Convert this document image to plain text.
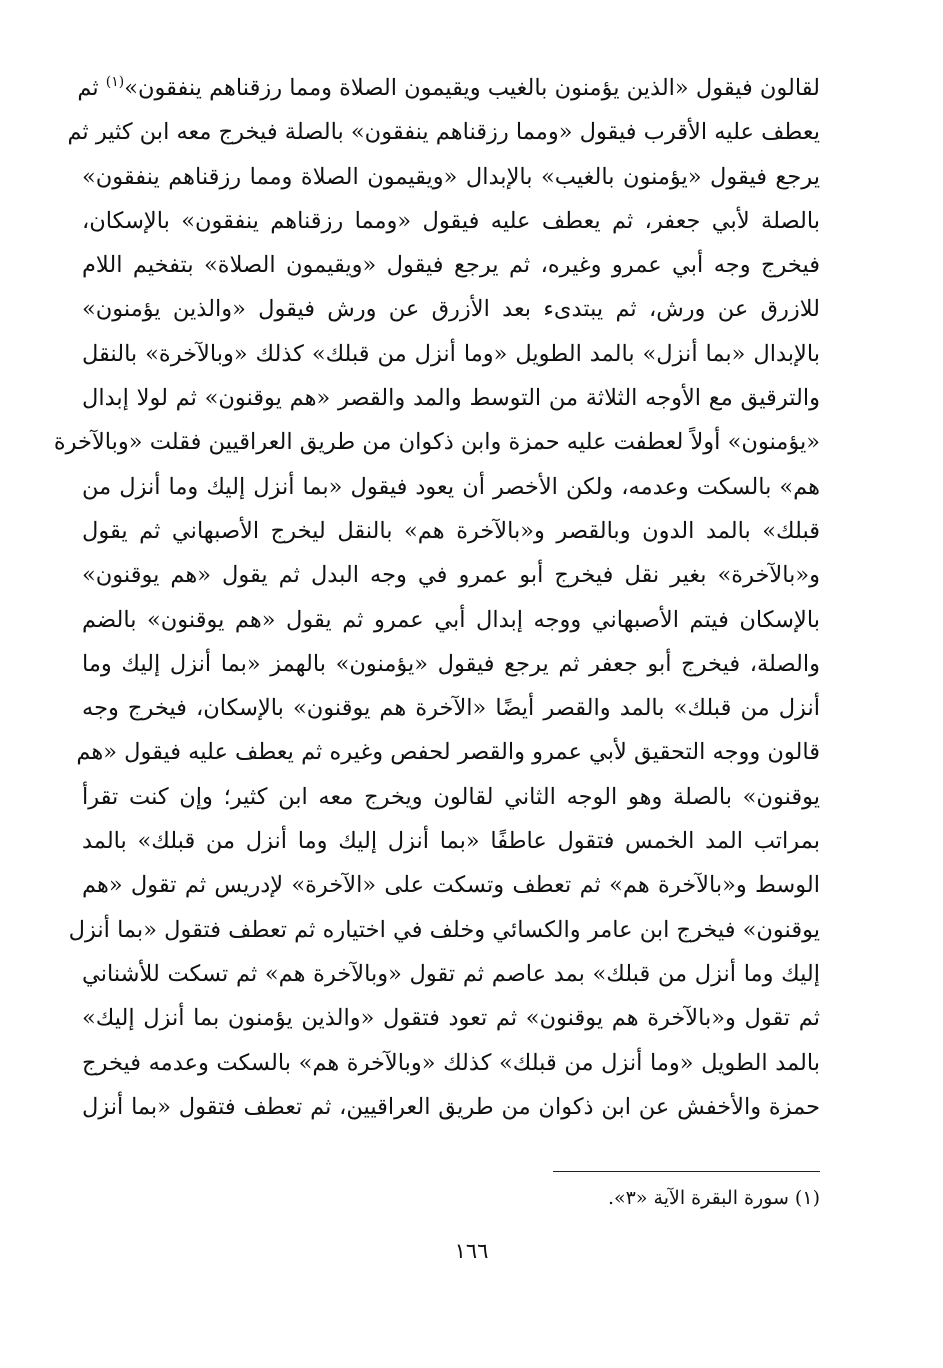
لقالون فيقول «الذين يؤمنون بالغيب ويقيمون الصلاة ومما رزقناهم ينفقون»$^{(١)}$ ثم
يعطف عليه الأقرب فيقول «ومما رزقناهم ينفقون» بالصلة فيخرج معه ابن كثير ثم
يرجع فيقول «يؤمنون بالغيب» بالإبدال «ويقيمون الصلاة ومما رزقناهم ينفقون»
بالصلة لأبي جعفر، ثم يعطف عليه فيقول «ومما رزقناهم ينفقون» بالإسكان،
فيخرج وجه أبي عمرو وغيره، ثم يرجع فيقول «ويقيمون الصلاة» بتفخيم اللام
للازرق عن ورش، ثم يبتدىء بعد الأزرق عن ورش فيقول «والذين يؤمنون»
بالإبدال «بما أنزل» بالمد الطويل «وما أنزل من قبلك» كذلك «وبالآخرة» بالنقل
والترقيق مع الأوجه الثلاثة من التوسط والمد والقصر «هم يوقنون» ثم لولا إبدال
«يؤمنون» أولاً لعطفت عليه حمزة وابن ذكوان من طريق العراقيين فقلت «وبالآخرة
هم» بالسكت وعدمه، ولكن الأخصر أن يعود فيقول «بما أنزل إليك وما أنزل من
قبلك» بالمد الدون وبالقصر و«بالآخرة هم» بالنقل ليخرج الأصبهاني ثم يقول
و«بالآخرة» بغير نقل فيخرج أبو عمرو في وجه البدل ثم يقول «هم يوقنون»
بالإسكان فيتم الأصبهاني ووجه إبدال أبي عمرو ثم يقول «هم يوقنون» بالضم
والصلة، فيخرج أبو جعفر ثم يرجع فيقول «يؤمنون» بالهمز «بما أنزل إليك وما
أنزل من قبلك» بالمد والقصر أيضًا «الآخرة هم يوقنون» بالإسكان، فيخرج وجه
قالون ووجه التحقيق لأبي عمرو والقصر لحفص وغيره ثم يعطف عليه فيقول «هم
يوقنون» بالصلة وهو الوجه الثاني لقالون ويخرج معه ابن كثير؛ وإن كنت تقرأ
بمراتب المد الخمس فتقول عاطفًا «بما أنزل إليك وما أنزل من قبلك» بالمد
الوسط و«بالآخرة هم» ثم تعطف وتسكت على «الآخرة» لإدريس ثم تقول «هم
يوقنون» فيخرج ابن عامر والكسائي وخلف في اختياره ثم تعطف فتقول «بما أنزل
إليك وما أنزل من قبلك» بمد عاصم ثم تقول «وبالآخرة هم» ثم تسكت للأشناني
ثم تقول و«بالآخرة هم يوقنون» ثم تعود فتقول «والذين يؤمنون بما أنزل إليك»
بالمد الطويل «وما أنزل من قبلك» كذلك «وبالآخرة هم» بالسكت وعدمه فيخرج
حمزة والأخفش عن ابن ذكوان من طريق العراقيين، ثم تعطف فتقول «بما أنزل
(١) سورة البقرة الآية «٣».
١٦٦
